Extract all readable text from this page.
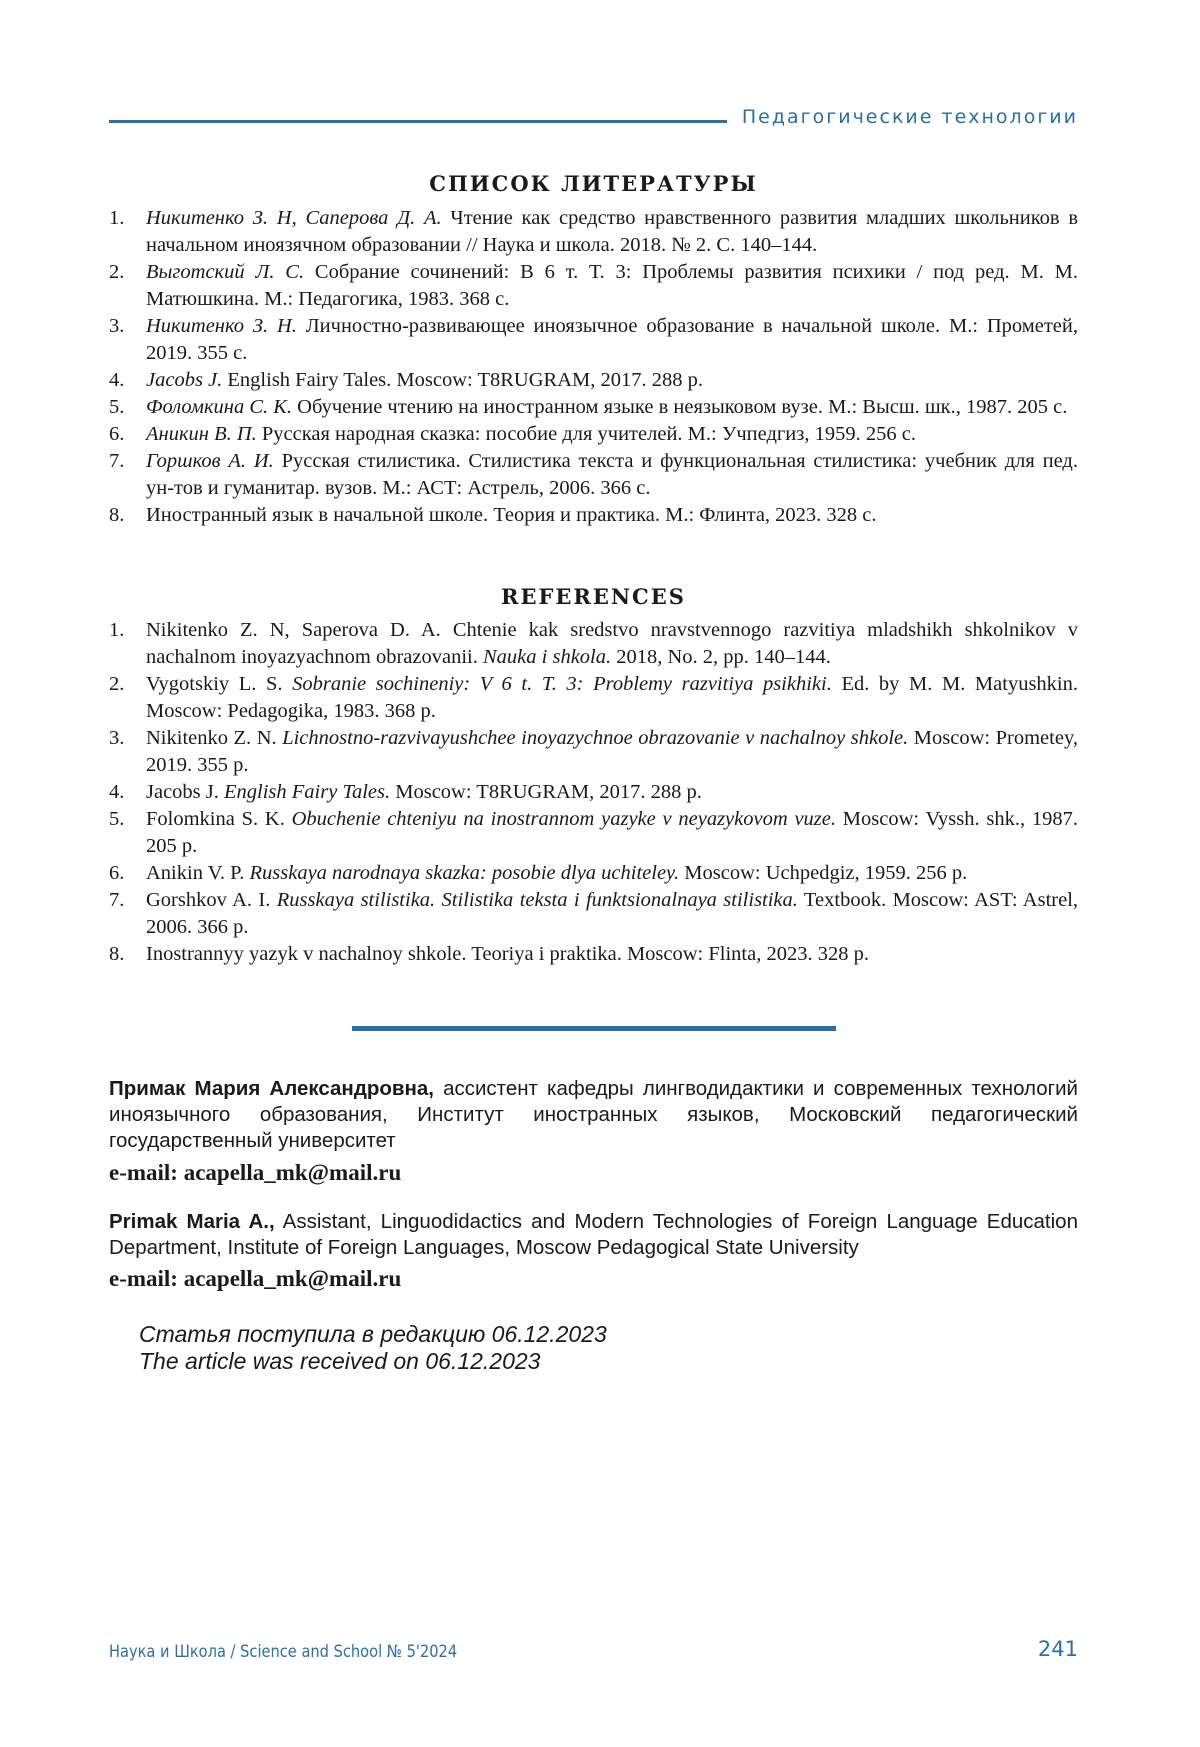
Педагогические технологии
СПИСОК ЛИТЕРАТУРЫ
1. Никитенко З. Н, Саперова Д. А. Чтение как средство нравственного развития младших школьников в начальном иноязячном образовании // Наука и школа. 2018. № 2. С. 140–144.
2. Выготский Л. С. Собрание сочинений: В 6 т. Т. 3: Проблемы развития психики / под ред. М. М. Матюшкина. М.: Педагогика, 1983. 368 с.
3. Никитенко З. Н. Личностно-развивающее иноязычное образование в начальной школе. М.: Прометей, 2019. 355 с.
4. Jacobs J. English Fairy Tales. Moscow: T8RUGRAM, 2017. 288 p.
5. Фоломкина С. К. Обучение чтению на иностранном языке в неязыковом вузе. М.: Высш. шк., 1987. 205 с.
6. Аникин В. П. Русская народная сказка: пособие для учителей. М.: Учпедгиз, 1959. 256 с.
7. Горшков А. И. Русская стилистика. Стилистика текста и функциональная стилистика: учебник для пед. ун-тов и гуманитар. вузов. М.: АСТ: Астрель, 2006. 366 с.
8. Иностранный язык в начальной школе. Теория и практика. М.: Флинта, 2023. 328 с.
REFERENCES
1. Nikitenko Z. N, Saperova D. A. Chtenie kak sredstvo nravstvennogo razvitiya mladshikh shkolnikov v nachalnom inoyazyachnom obrazovanii. Nauka i shkola. 2018, No. 2, pp. 140–144.
2. Vygotskiy L. S. Sobranie sochineniy: V 6 t. T. 3: Problemy razvitiya psikhiki. Ed. by M. M. Matyushkin. Moscow: Pedagogika, 1983. 368 p.
3. Nikitenko Z. N. Lichnostno-razvivayushchee inoyazychnoe obrazovanie v nachalnoy shkole. Moscow: Prometey, 2019. 355 p.
4. Jacobs J. English Fairy Tales. Moscow: T8RUGRAM, 2017. 288 p.
5. Folomkina S. K. Obuchenie chteniyu na inostrannom yazyke v neyazykovom vuze. Moscow: Vyssh. shk., 1987. 205 p.
6. Anikin V. P. Russkaya narodnaya skazka: posobie dlya uchiteley. Moscow: Uchpedgiz, 1959. 256 p.
7. Gorshkov A. I. Russkaya stilistika. Stilistika teksta i funktsionalnaya stilistika. Textbook. Moscow: AST: Astrel, 2006. 366 p.
8. Inostrannyy yazyk v nachalnoy shkole. Teoriya i praktika. Moscow: Flinta, 2023. 328 p.
Примак Мария Александровна, ассистент кафедры лингводидактики и современных технологий иноязычного образования, Институт иностранных языков, Московский педагогический государственный университет
e-mail: acapella_mk@mail.ru
Primak Maria A., Assistant, Linguodidactics and Modern Technologies of Foreign Language Education Department, Institute of Foreign Languages, Moscow Pedagogical State University
e-mail: acapella_mk@mail.ru
Статья поступила в редакцию 06.12.2023
The article was received on 06.12.2023
Наука и Школа / Science and School № 5'2024	241
